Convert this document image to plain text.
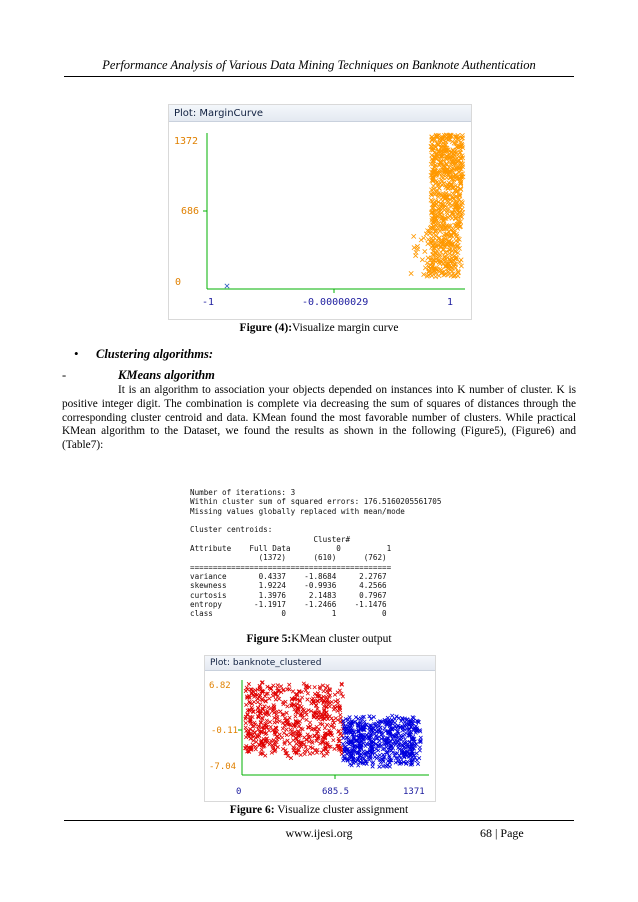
Performance Analysis of Various Data Mining Techniques on Banknote Authentication
Plot: MarginCurve
1372
686
0
-1	-0.00000029	1
Figure (4):Visualize margin curve
• Clustering algorithms:
-	KMeans algorithm
It is an algorithm to association your objects depended on instances into K number of cluster. K is positive integer digit. The combination is complete via decreasing the sum of squares of distances through the corresponding cluster centroid and data. KMean found the most favorable number of clusters. While practical KMean algorithm to the Dataset, we found the results as shown in the following (Figure5), (Figure6) and (Table7):
Number of iterations: 3
Within cluster sum of squared errors: 176.5160205561705
Missing values globally replaced with mean/mode

Cluster centroids:
Cluster#
Attribute    Full Data          0          1
(1372)      (610)      (762)
============================================
variance       0.4337    -1.8684     2.2767
skewness       1.9224    -0.9936     4.2566
curtosis       1.3976     2.1483     0.7967
entropy       -1.1917    -1.2466    -1.1476
class               0          1          0
Figure 5:KMean cluster output
Plot: banknote_clustered
6.82
-0.11
-7.04
0	685.5	1371
Figure 6: Visualize cluster assignment
www.ijesi.org	68 | Page
